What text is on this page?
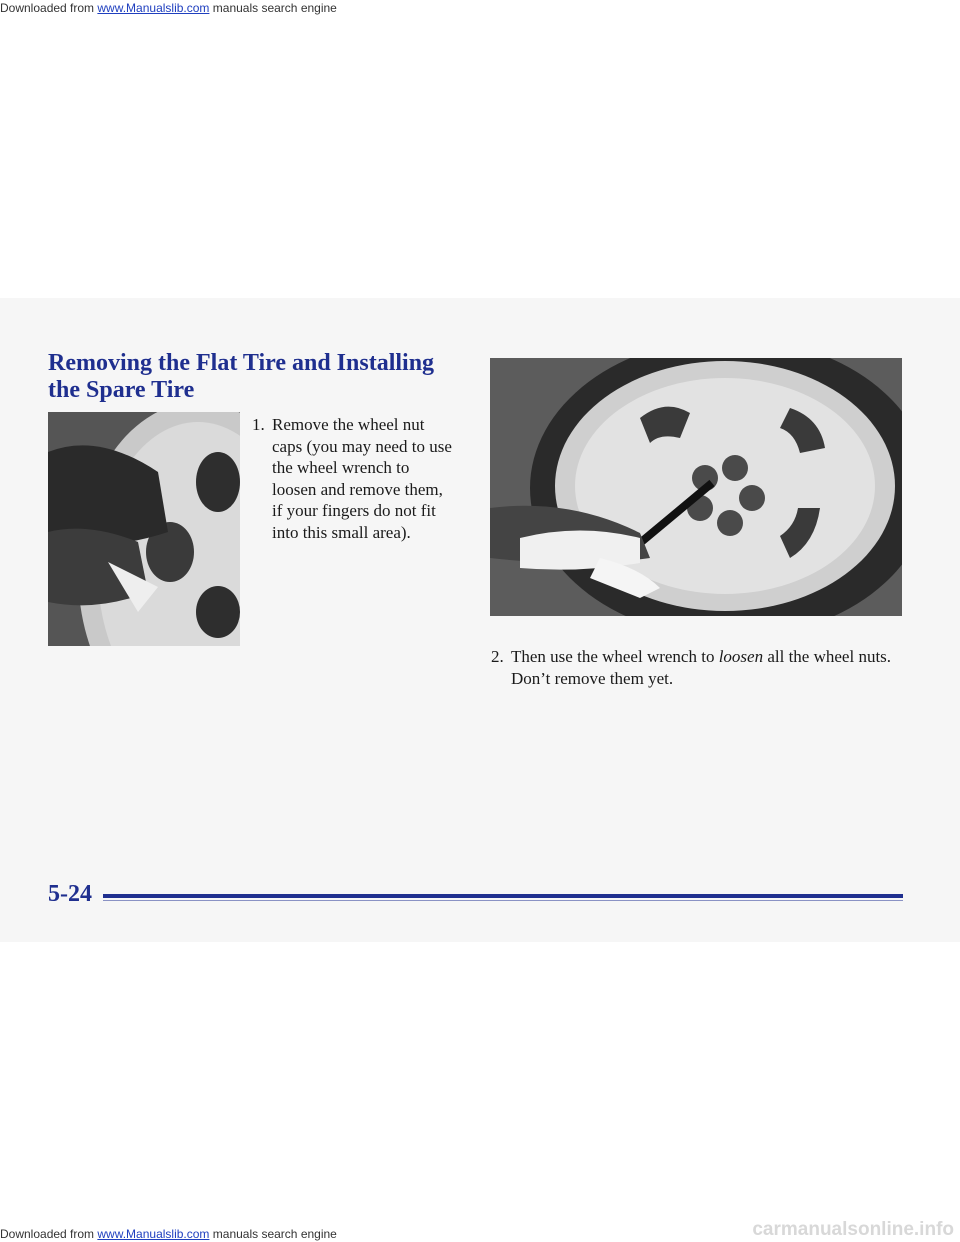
Downloaded from www.Manualslib.com manuals search engine

Removing the Flat Tire and Installing the Spare Tire

1. Remove the wheel nut caps (you may need to use the wheel wrench to loosen and remove them, if your fingers do not fit into this small area).

2. Then use the wheel wrench to loosen all the wheel nuts. Don’t remove them yet.

5-24

Downloaded from www.Manualslib.com manuals search engine	carmanualsonline.info
